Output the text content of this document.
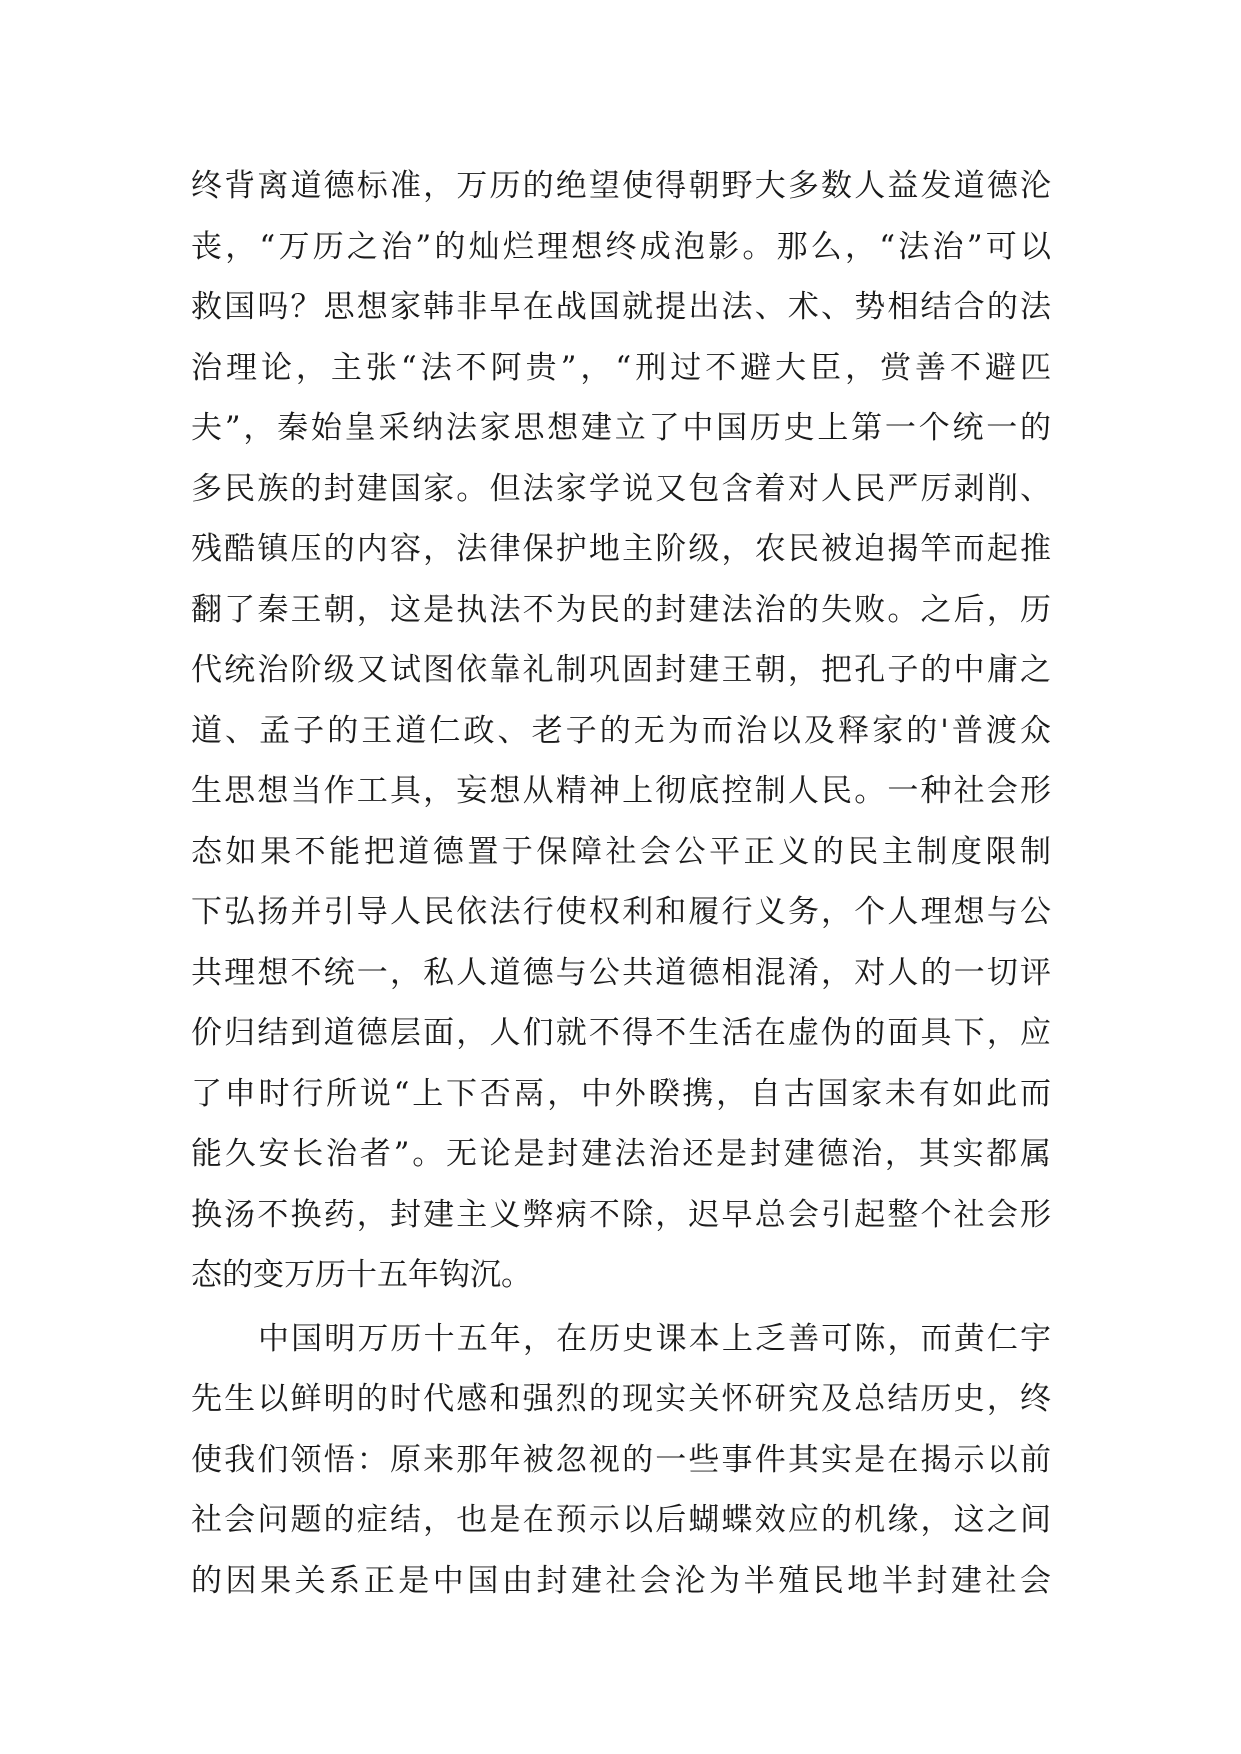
终背离道德标准，万历的绝望使得朝野大多数人益发道德沦
丧，“万历之治”的灿烂理想终成泡影。那么，“法治”可以
救国吗？思想家韩非早在战国就提出法、术、势相结合的法
治理论，主张“法不阿贵”，“刑过不避大臣，赏善不避匹
夫”，秦始皇采纳法家思想建立了中国历史上第一个统一的
多民族的封建国家。但法家学说又包含着对人民严厉剥削、
残酷镇压的内容，法律保护地主阶级，农民被迫揭竿而起推
翻了秦王朝，这是执法不为民的封建法治的失败。之后，历
代统治阶级又试图依靠礼制巩固封建王朝，把孔子的中庸之
道、孟子的王道仁政、老子的无为而治以及释家的'普渡众
生思想当作工具，妄想从精神上彻底控制人民。一种社会形
态如果不能把道德置于保障社会公平正义的民主制度限制
下弘扬并引导人民依法行使权利和履行义务，个人理想与公
共理想不统一，私人道德与公共道德相混淆，对人的一切评
价归结到道德层面，人们就不得不生活在虚伪的面具下，应
了申时行所说“上下否鬲，中外睽携，自古国家未有如此而
能久安长治者”。无论是封建法治还是封建德治，其实都属
换汤不换药，封建主义弊病不除，迟早总会引起整个社会形
态的变万历十五年钩沉。
中国明万历十五年，在历史课本上乏善可陈，而黄仁宇
先生以鲜明的时代感和强烈的现实关怀研究及总结历史，终
使我们领悟：原来那年被忽视的一些事件其实是在揭示以前
社会问题的症结，也是在预示以后蝴蝶效应的机缘，这之间
的因果关系正是中国由封建社会沦为半殖民地半封建社会
